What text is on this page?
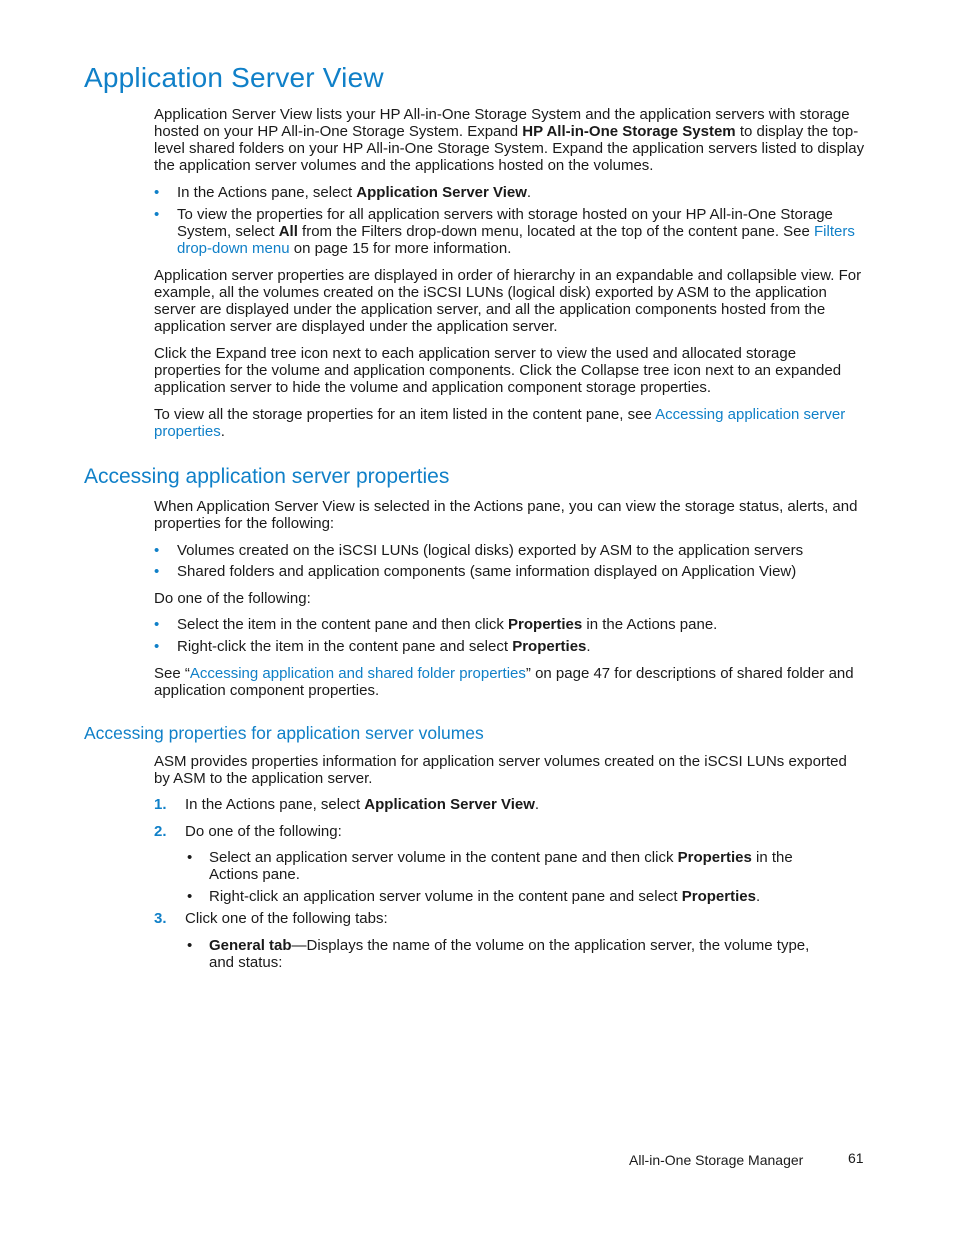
Application Server View

Application Server View lists your HP All-in-One Storage System and the application servers with storage hosted on your HP All-in-One Storage System. Expand HP All-in-One Storage System to display the top-level shared folders on your HP All-in-One Storage System. Expand the application servers listed to display the application server volumes and the applications hosted on the volumes.

• In the Actions pane, select Application Server View.
• To view the properties for all application servers with storage hosted on your HP All-in-One Storage System, select All from the Filters drop-down menu, located at the top of the content pane. See Filters drop-down menu on page 15 for more information.

Application server properties are displayed in order of hierarchy in an expandable and collapsible view. For example, all the volumes created on the iSCSI LUNs (logical disk) exported by ASM to the application server are displayed under the application server, and all the application components hosted from the application server are displayed under the application server.

Click the Expand tree icon next to each application server to view the used and allocated storage properties for the volume and application components. Click the Collapse tree icon next to an expanded application server to hide the volume and application component storage properties.

To view all the storage properties for an item listed in the content pane, see Accessing application server properties.

Accessing application server properties

When Application Server View is selected in the Actions pane, you can view the storage status, alerts, and properties for the following:

• Volumes created on the iSCSI LUNs (logical disks) exported by ASM to the application servers
• Shared folders and application components (same information displayed on Application View)

Do one of the following:

• Select the item in the content pane and then click Properties in the Actions pane.
• Right-click the item in the content pane and select Properties.

See “Accessing application and shared folder properties” on page 47 for descriptions of shared folder and application component properties.

Accessing properties for application server volumes

ASM provides properties information for application server volumes created on the iSCSI LUNs exported by ASM to the application server.

1. In the Actions pane, select Application Server View.
2. Do one of the following:
• Select an application server volume in the content pane and then click Properties in the Actions pane.
• Right-click an application server volume in the content pane and select Properties.
3. Click one of the following tabs:
• General tab—Displays the name of the volume on the application server, the volume type, and status:
All-in-One Storage Manager	61
